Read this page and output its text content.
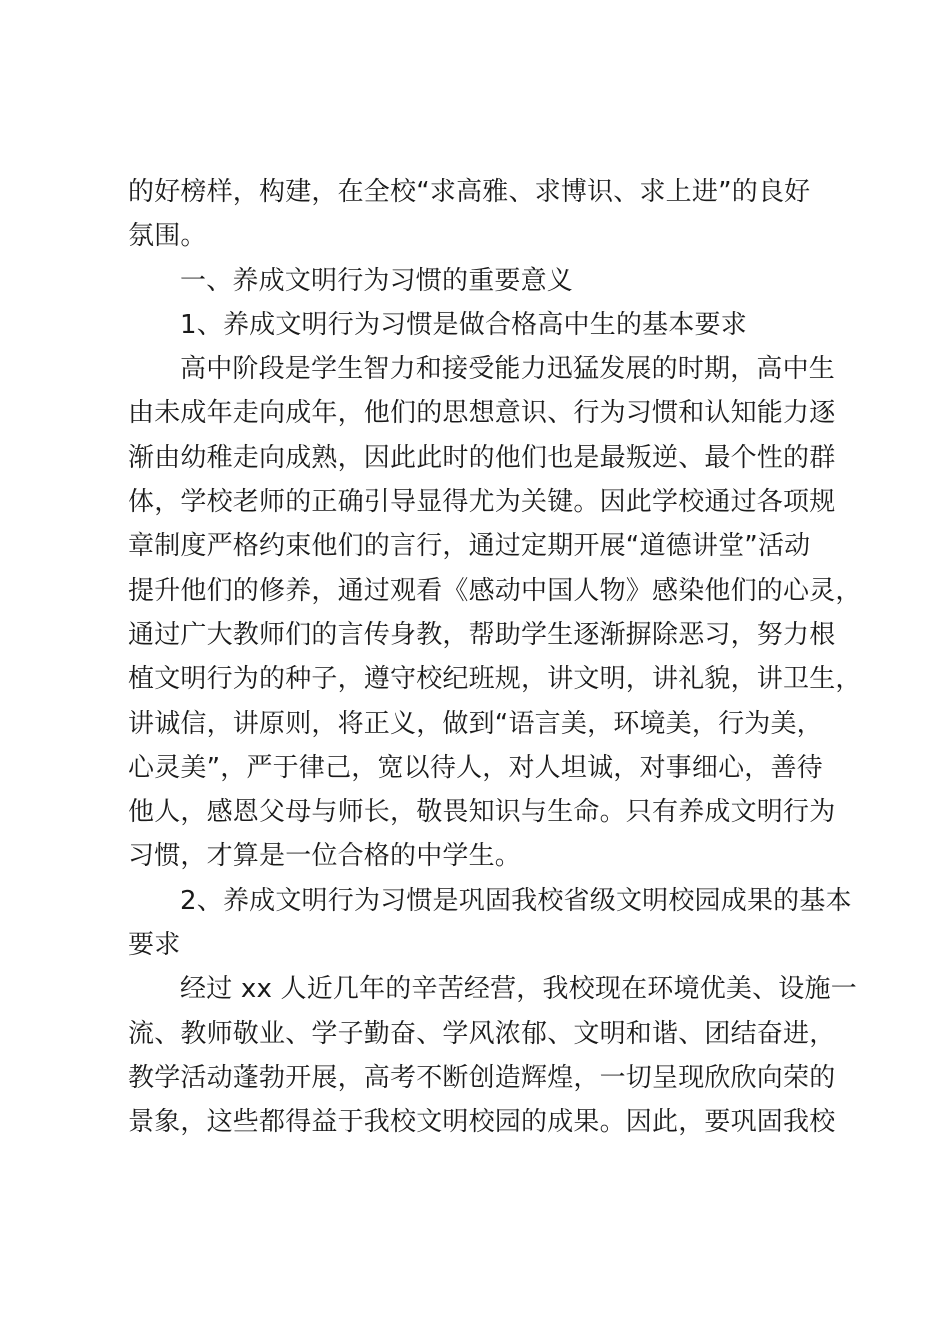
的好榜样，构建，在全校“求高雅、求博识、求上进”的良好
氛围。
一、养成文明行为习惯的重要意义
1、养成文明行为习惯是做合格高中生的基本要求
高中阶段是学生智力和接受能力迅猛发展的时期，高中生
由未成年走向成年，他们的思想意识、行为习惯和认知能力逐
渐由幼稚走向成熟，因此此时的他们也是最叛逆、最个性的群
体，学校老师的正确引导显得尤为关键。因此学校通过各项规
章制度严格约束他们的言行，通过定期开展“道德讲堂”活动
提升他们的修养，通过观看《感动中国人物》感染他们的心灵，
通过广大教师们的言传身教，帮助学生逐渐摒除恶习，努力根
植文明行为的种子，遵守校纪班规，讲文明，讲礼貌，讲卫生，
讲诚信，讲原则，将正义，做到“语言美，环境美，行为美，
心灵美”，严于律己，宽以待人，对人坦诚，对事细心，善待
他人，感恩父母与师长，敬畏知识与生命。只有养成文明行为
习惯，才算是一位合格的中学生。
2、养成文明行为习惯是巩固我校省级文明校园成果的基本
要求
经过 xx 人近几年的辛苦经营，我校现在环境优美、设施一
流、教师敬业、学子勤奋、学风浓郁、文明和谐、团结奋进，
教学活动蓬勃开展，高考不断创造辉煌，一切呈现欣欣向荣的
景象，这些都得益于我校文明校园的成果。因此，要巩固我校
